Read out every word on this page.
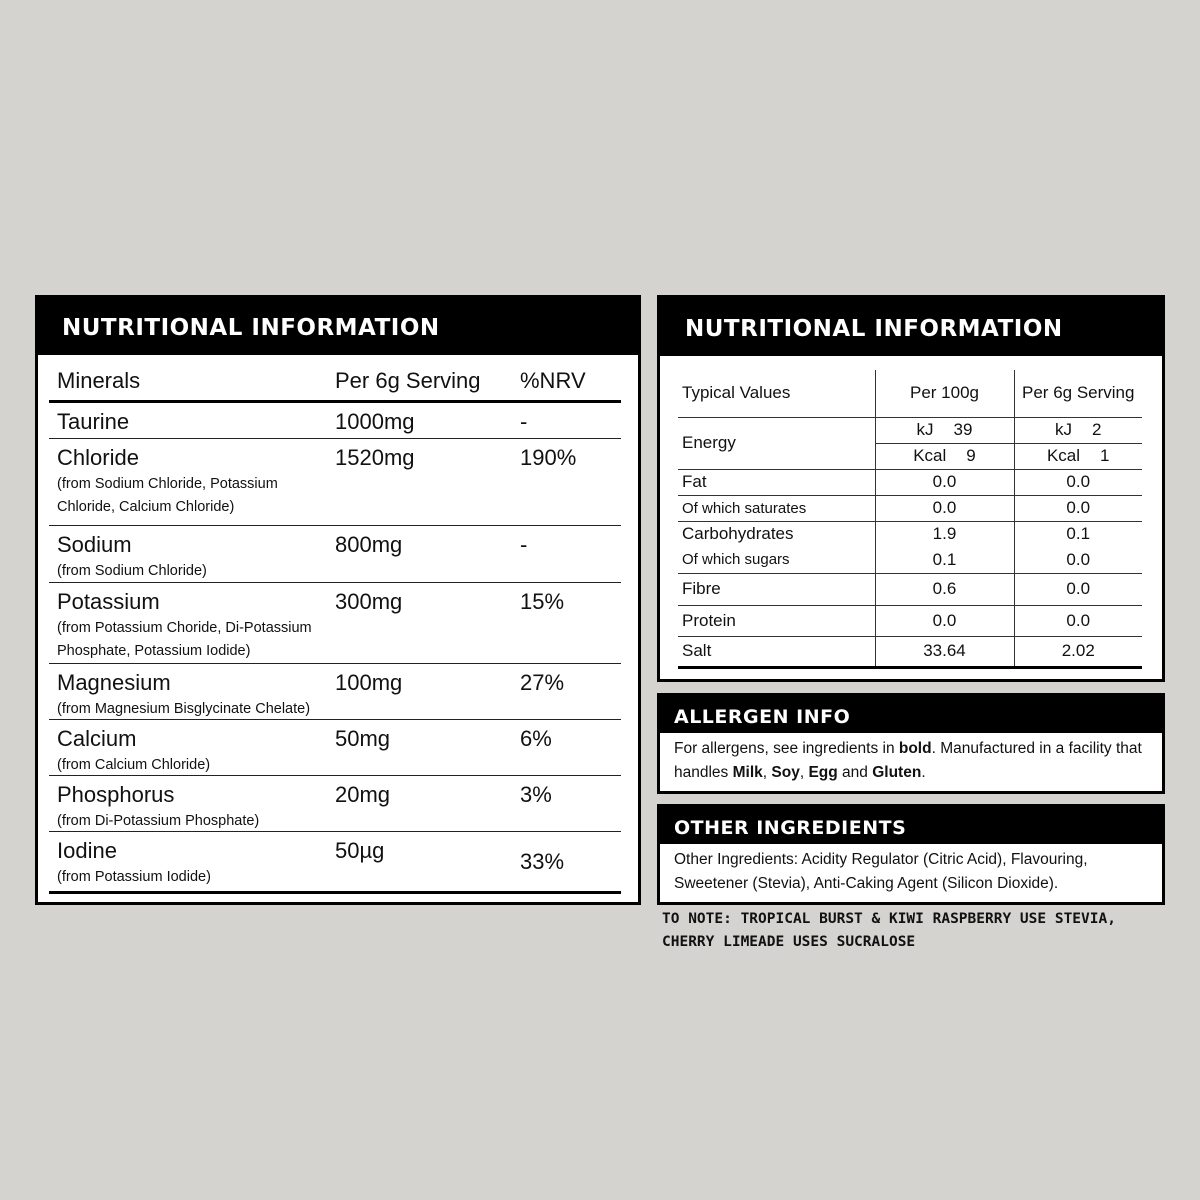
NUTRITIONAL INFORMATION
Minerals	Per 6g Serving	%NRV
Taurine	1000mg	-
Chloride
(from Sodium Chloride, Potassium Chloride, Calcium Chloride)
1520mg	190%
Sodium
(from Sodium Chloride)
800mg	-
Potassium
(from Potassium Choride, Di-Potassium Phosphate, Potassium Iodide)
300mg	15%
Magnesium
(from Magnesium Bisglycinate Chelate)
100mg	27%
Calcium
(from Calcium Chloride)
50mg	6%
Phosphorus
(from Di-Potassium Phosphate)
20mg	3%
Iodine
(from Potassium Iodide)
50µg	33%
NUTRITIONAL INFORMATION
Typical Values	Per 100g	Per 6g Serving
Energy	kJ 39	kJ 2

	Kcal 9	Kcal 1

Fat	0.0	0.0
Of which saturates	0.0	0.0
Carbohydrates	1.9	0.1
Of which sugars	0.1	0.0
Fibre	0.6	0.0
Protein	0.0	0.0
Salt	33.64	2.02
ALLERGEN INFO
For allergens, see ingredients in bold. Manufactured in a facility that handles Milk, Soy, Egg and Gluten.
OTHER INGREDIENTS
Other Ingredients: Acidity Regulator (Citric Acid), Flavouring, Sweetener (Stevia), Anti-Caking Agent (Silicon Dioxide).
TO NOTE: TROPICAL BURST & KIWI RASPBERRY USE STEVIA, CHERRY LIMEADE USES SUCRALOSE
